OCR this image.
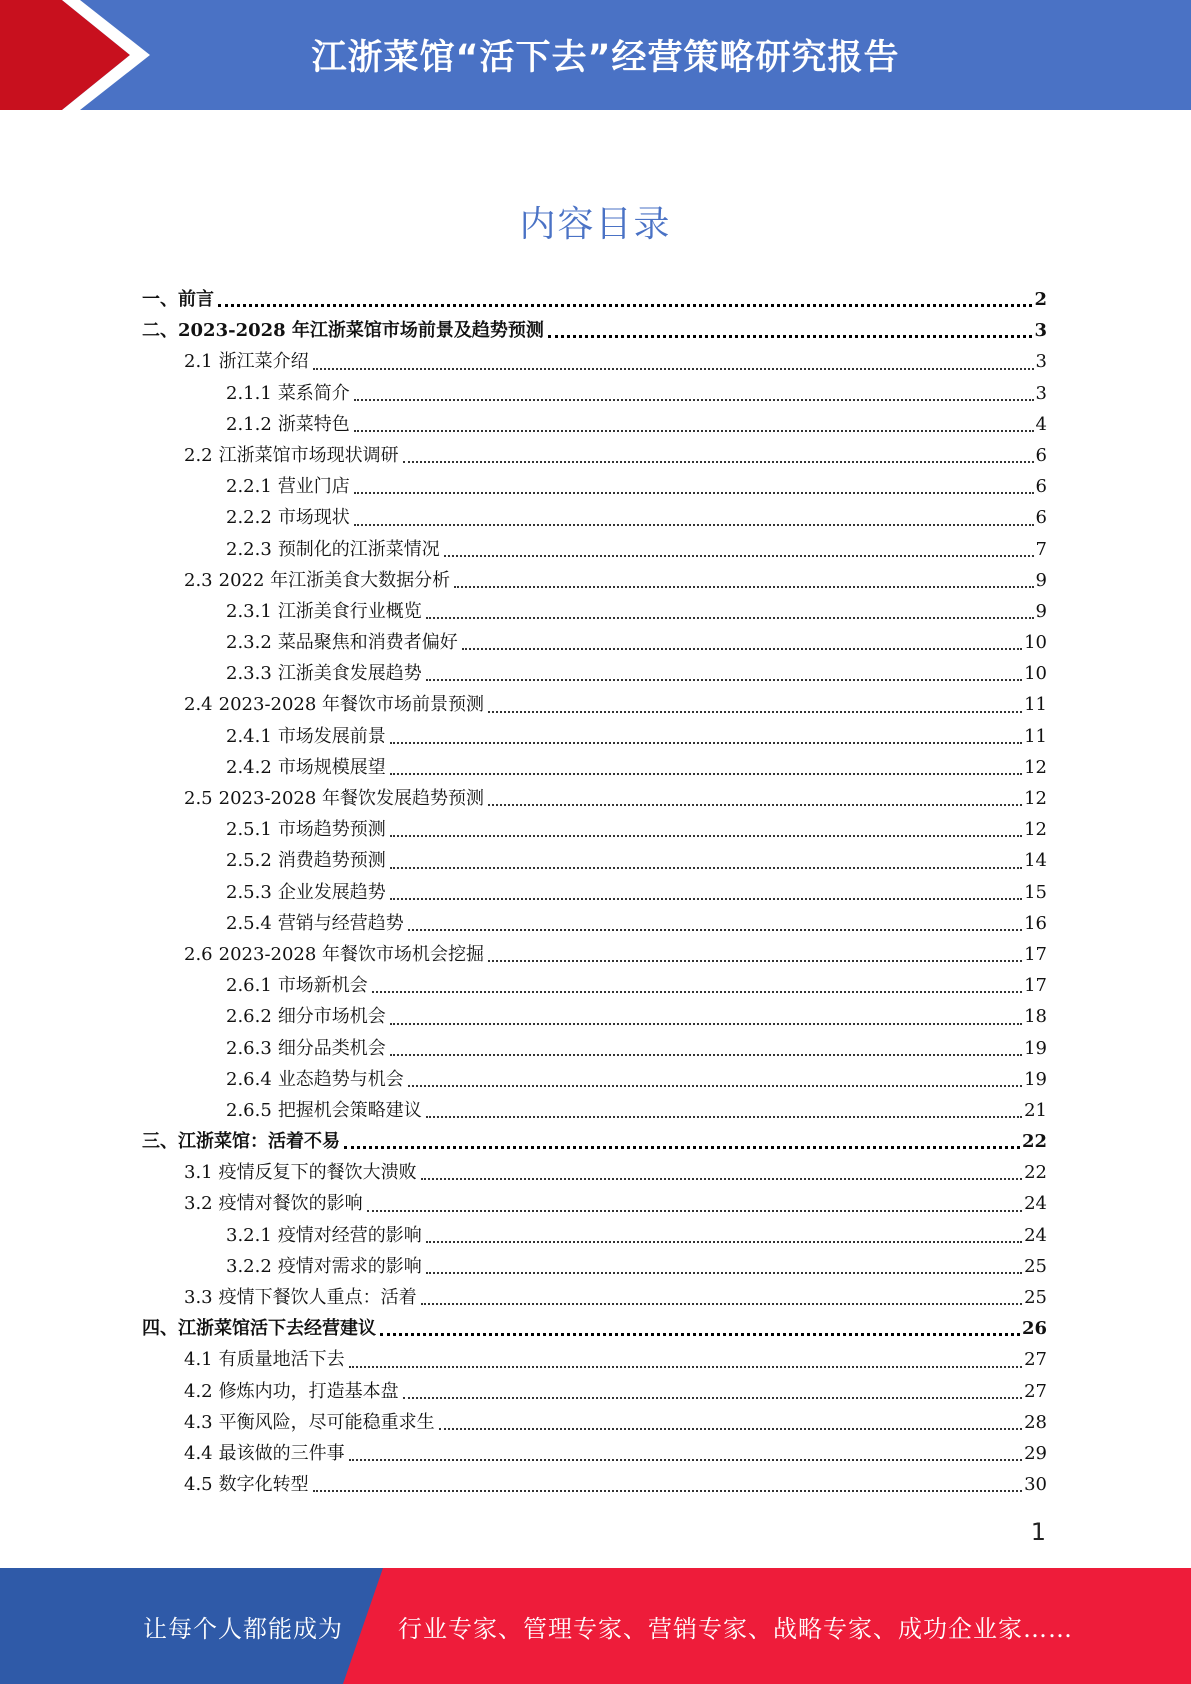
江浙菜馆“活下去”经营策略研究报告
内容目录
一、 前言	2
二、 2023-2028 年江浙菜馆市场前景及趋势预测	3
2.1 浙江菜介绍	3
2.1.1 菜系简介	3
2.1.2 浙菜特色	4
2.2 江浙菜馆市场现状调研	6
2.2.1 营业门店	6
2.2.2 市场现状	6
2.2.3 预制化的江浙菜情况	7
2.3 2022 年江浙美食大数据分析	9
2.3.1 江浙美食行业概览	9
2.3.2 菜品聚焦和消费者偏好	10
2.3.3 江浙美食发展趋势	10
2.4 2023-2028 年餐饮市场前景预测	11
2.4.1 市场发展前景	11
2.4.2 市场规模展望	12
2.5 2023-2028 年餐饮发展趋势预测	12
2.5.1 市场趋势预测	12
2.5.2 消费趋势预测	14
2.5.3 企业发展趋势	15
2.5.4 营销与经营趋势	16
2.6 2023-2028 年餐饮市场机会挖掘	17
2.6.1 市场新机会	17
2.6.2 细分市场机会	18
2.6.3 细分品类机会	19
2.6.4 业态趋势与机会	19
2.6.5 把握机会策略建议	21
三、 江浙菜馆：活着不易	22
3.1 疫情反复下的餐饮大溃败	22
3.2 疫情对餐饮的影响	24
3.2.1 疫情对经营的影响	24
3.2.2 疫情对需求的影响	25
3.3 疫情下餐饮人重点：活着	25
四、 江浙菜馆活下去经营建议	26
4.1 有质量地活下去	27
4.2 修炼内功，打造基本盘	27
4.3 平衡风险，尽可能稳重求生	28
4.4 最该做的三件事	29
4.5 数字化转型	30
1
让每个人都能成为 行业专家、管理专家、营销专家、战略专家、成功企业家……
